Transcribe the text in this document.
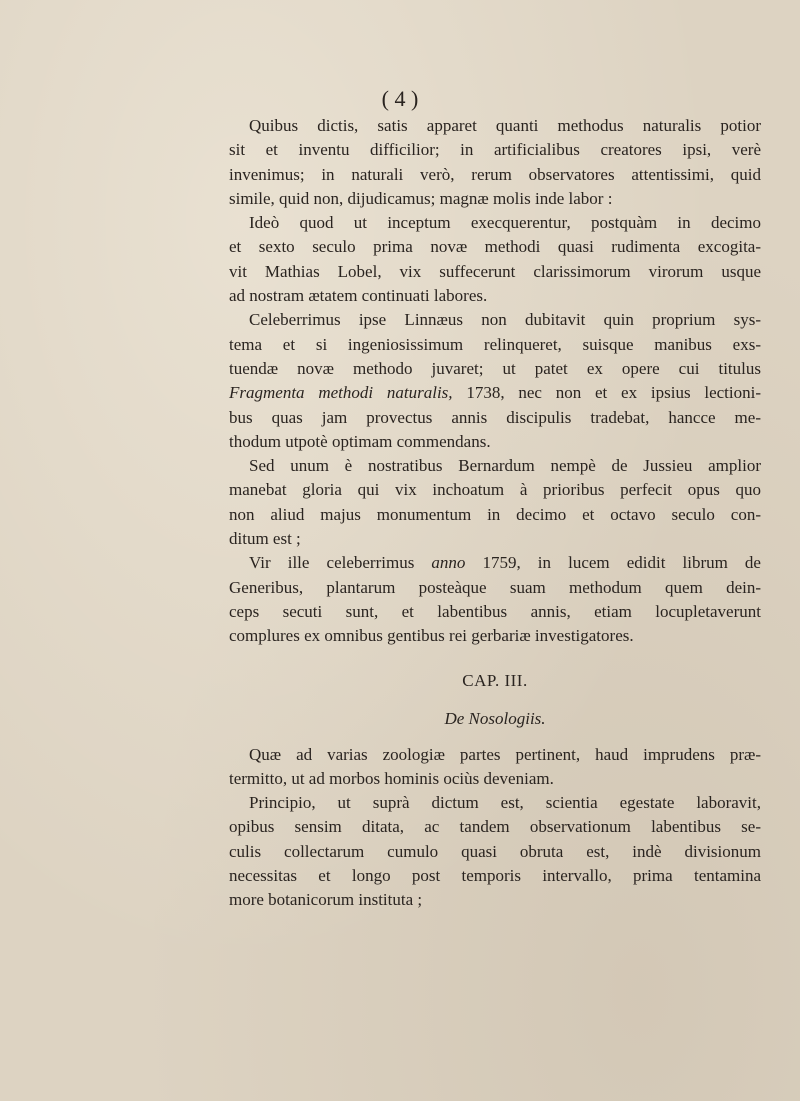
( 4 )

Quibus dictis, satis apparet quanti methodus naturalis potior
sit et inventu difficilior; in artificialibus creatores ipsi, verè
invenimus; in naturali verò, rerum observatores attentissimi, quid
simile, quid non, dijudicamus; magnæ molis inde labor :

Ideò quod ut inceptum execquerentur, postquàm in decimo
et sexto seculo prima novæ methodi quasi rudimenta excogita-
vit Mathias Lobel, vix suffecerunt clarissimorum virorum usque
ad nostram ætatem continuati labores.

Celeberrimus ipse Linnæus non dubitavit quin proprium sys-
tema et si ingeniosissimum relinqueret, suisque manibus exs-
tuendæ novæ methodo juvaret; ut patet ex opere cui titulus
Fragmenta methodi naturalis, 1738, nec non et ex ipsius lectioni-
bus quas jam provectus annis discipulis tradebat, hancce me-
thodum utpotè optimam commendans.

Sed unum è nostratibus Bernardum nempè de Jussieu amplior
manebat gloria qui vix inchoatum à prioribus perfecit opus quo
non aliud majus monumentum in decimo et octavo seculo con-
ditum est ;

Vir ille celeberrimus anno 1759, in lucem edidit librum de
Generibus, plantarum posteàque suam methodum quem dein-
ceps secuti sunt, et labentibus annis, etiam locupletaverunt
complures ex omnibus gentibus rei gerbariæ investigatores.

CAP. III.
De Nosologiis.

Quæ ad varias zoologiæ partes pertinent, haud imprudens præ-
termitto, ut ad morbos hominis ociùs deveniam.

Principio, ut suprà dictum est, scientia egestate laboravit,
opibus sensim ditata, ac tandem observationum labentibus se-
culis collectarum cumulo quasi obruta est, indè divisionum
necessitas et longo post temporis intervallo, prima tentamina
more botanicorum instituta ;
